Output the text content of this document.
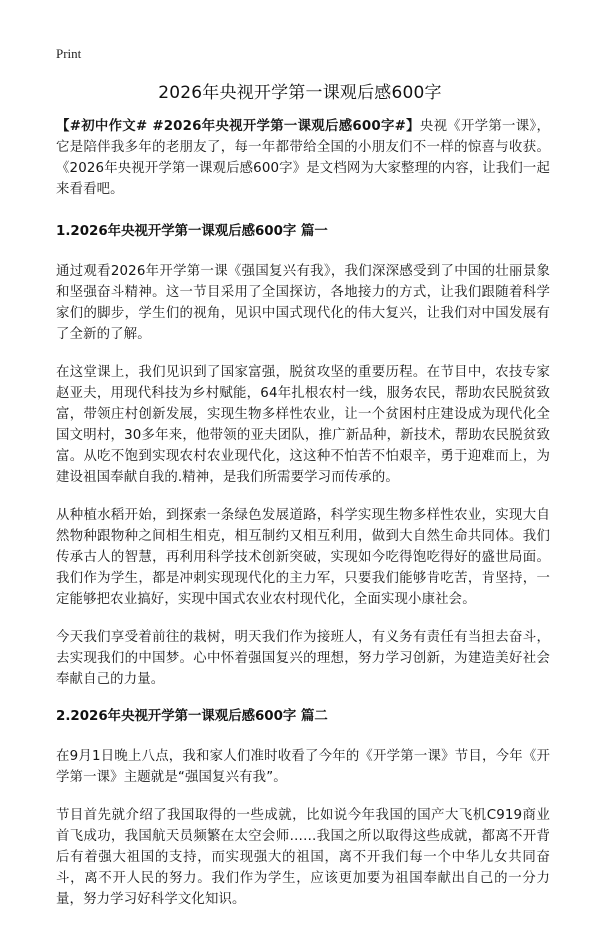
Print
2026年央视开学第一课观后感600字

【#初中作文# #2026年央视开学第一课观后感600字#】央视《开学第一课》，它是陪伴我多年的老朋友了，每一年都带给全国的小朋友们不一样的惊喜与收获。《2026年央视开学第一课观后感600字》是文档网为大家整理的内容，让我们一起来看看吧。

1.2026年央视开学第一课观后感600字 篇一

通过观看2026年开学第一课《强国复兴有我》，我们深深感受到了中国的壮丽景象和坚强奋斗精神。这一节目采用了全国探访，各地接力的方式，让我们跟随着科学家们的脚步，学生们的视角，见识中国式现代化的伟大复兴，让我们对中国发展有了全新的了解。

在这堂课上，我们见识到了国家富强，脱贫攻坚的重要历程。在节目中，农技专家赵亚夫，用现代科技为乡村赋能，64年扎根农村一线，服务农民，帮助农民脱贫致富，带领庄村创新发展，实现生物多样性农业，让一个贫困村庄建设成为现代化全国文明村，30多年来，他带领的亚夫团队，推广新品种，新技术，帮助农民脱贫致富。从吃不饱到实现农村农业现代化，这这种不怕苦不怕艰辛，勇于迎难而上，为建设祖国奉献自我的.精神，是我们所需要学习而传承的。

从种植水稻开始，到探索一条绿色发展道路，科学实现生物多样性农业，实现大自然物种跟物种之间相生相克，相互制约又相互利用，做到大自然生命共同体。我们传承古人的智慧，再利用科学技术创新突破，实现如今吃得饱吃得好的盛世局面。我们作为学生，都是冲刺实现现代化的主力军，只要我们能够肯吃苦，肯坚持，一定能够把农业搞好，实现中国式农业农村现代化，全面实现小康社会。

今天我们享受着前往的栽树，明天我们作为接班人，有义务有责任有当担去奋斗，去实现我们的中国梦。心中怀着强国复兴的理想，努力学习创新，为建造美好社会奉献自己的力量。

2.2026年央视开学第一课观后感600字 篇二

在9月1日晚上八点，我和家人们准时收看了今年的《开学第一课》节目，今年《开学第一课》主题就是“强国复兴有我”。

节目首先就介绍了我国取得的一些成就，比如说今年我国的国产大飞机C919商业首飞成功，我国航天员频繁在太空会师……我国之所以取得这些成就，都离不开背后有着强大祖国的支持，而实现强大的祖国，离不开我们每一个中华儿女共同奋斗，离不开人民的努力。我们作为学生，应该更加要为祖国奉献出自己的一分力量，努力学习好科学文化知识。
